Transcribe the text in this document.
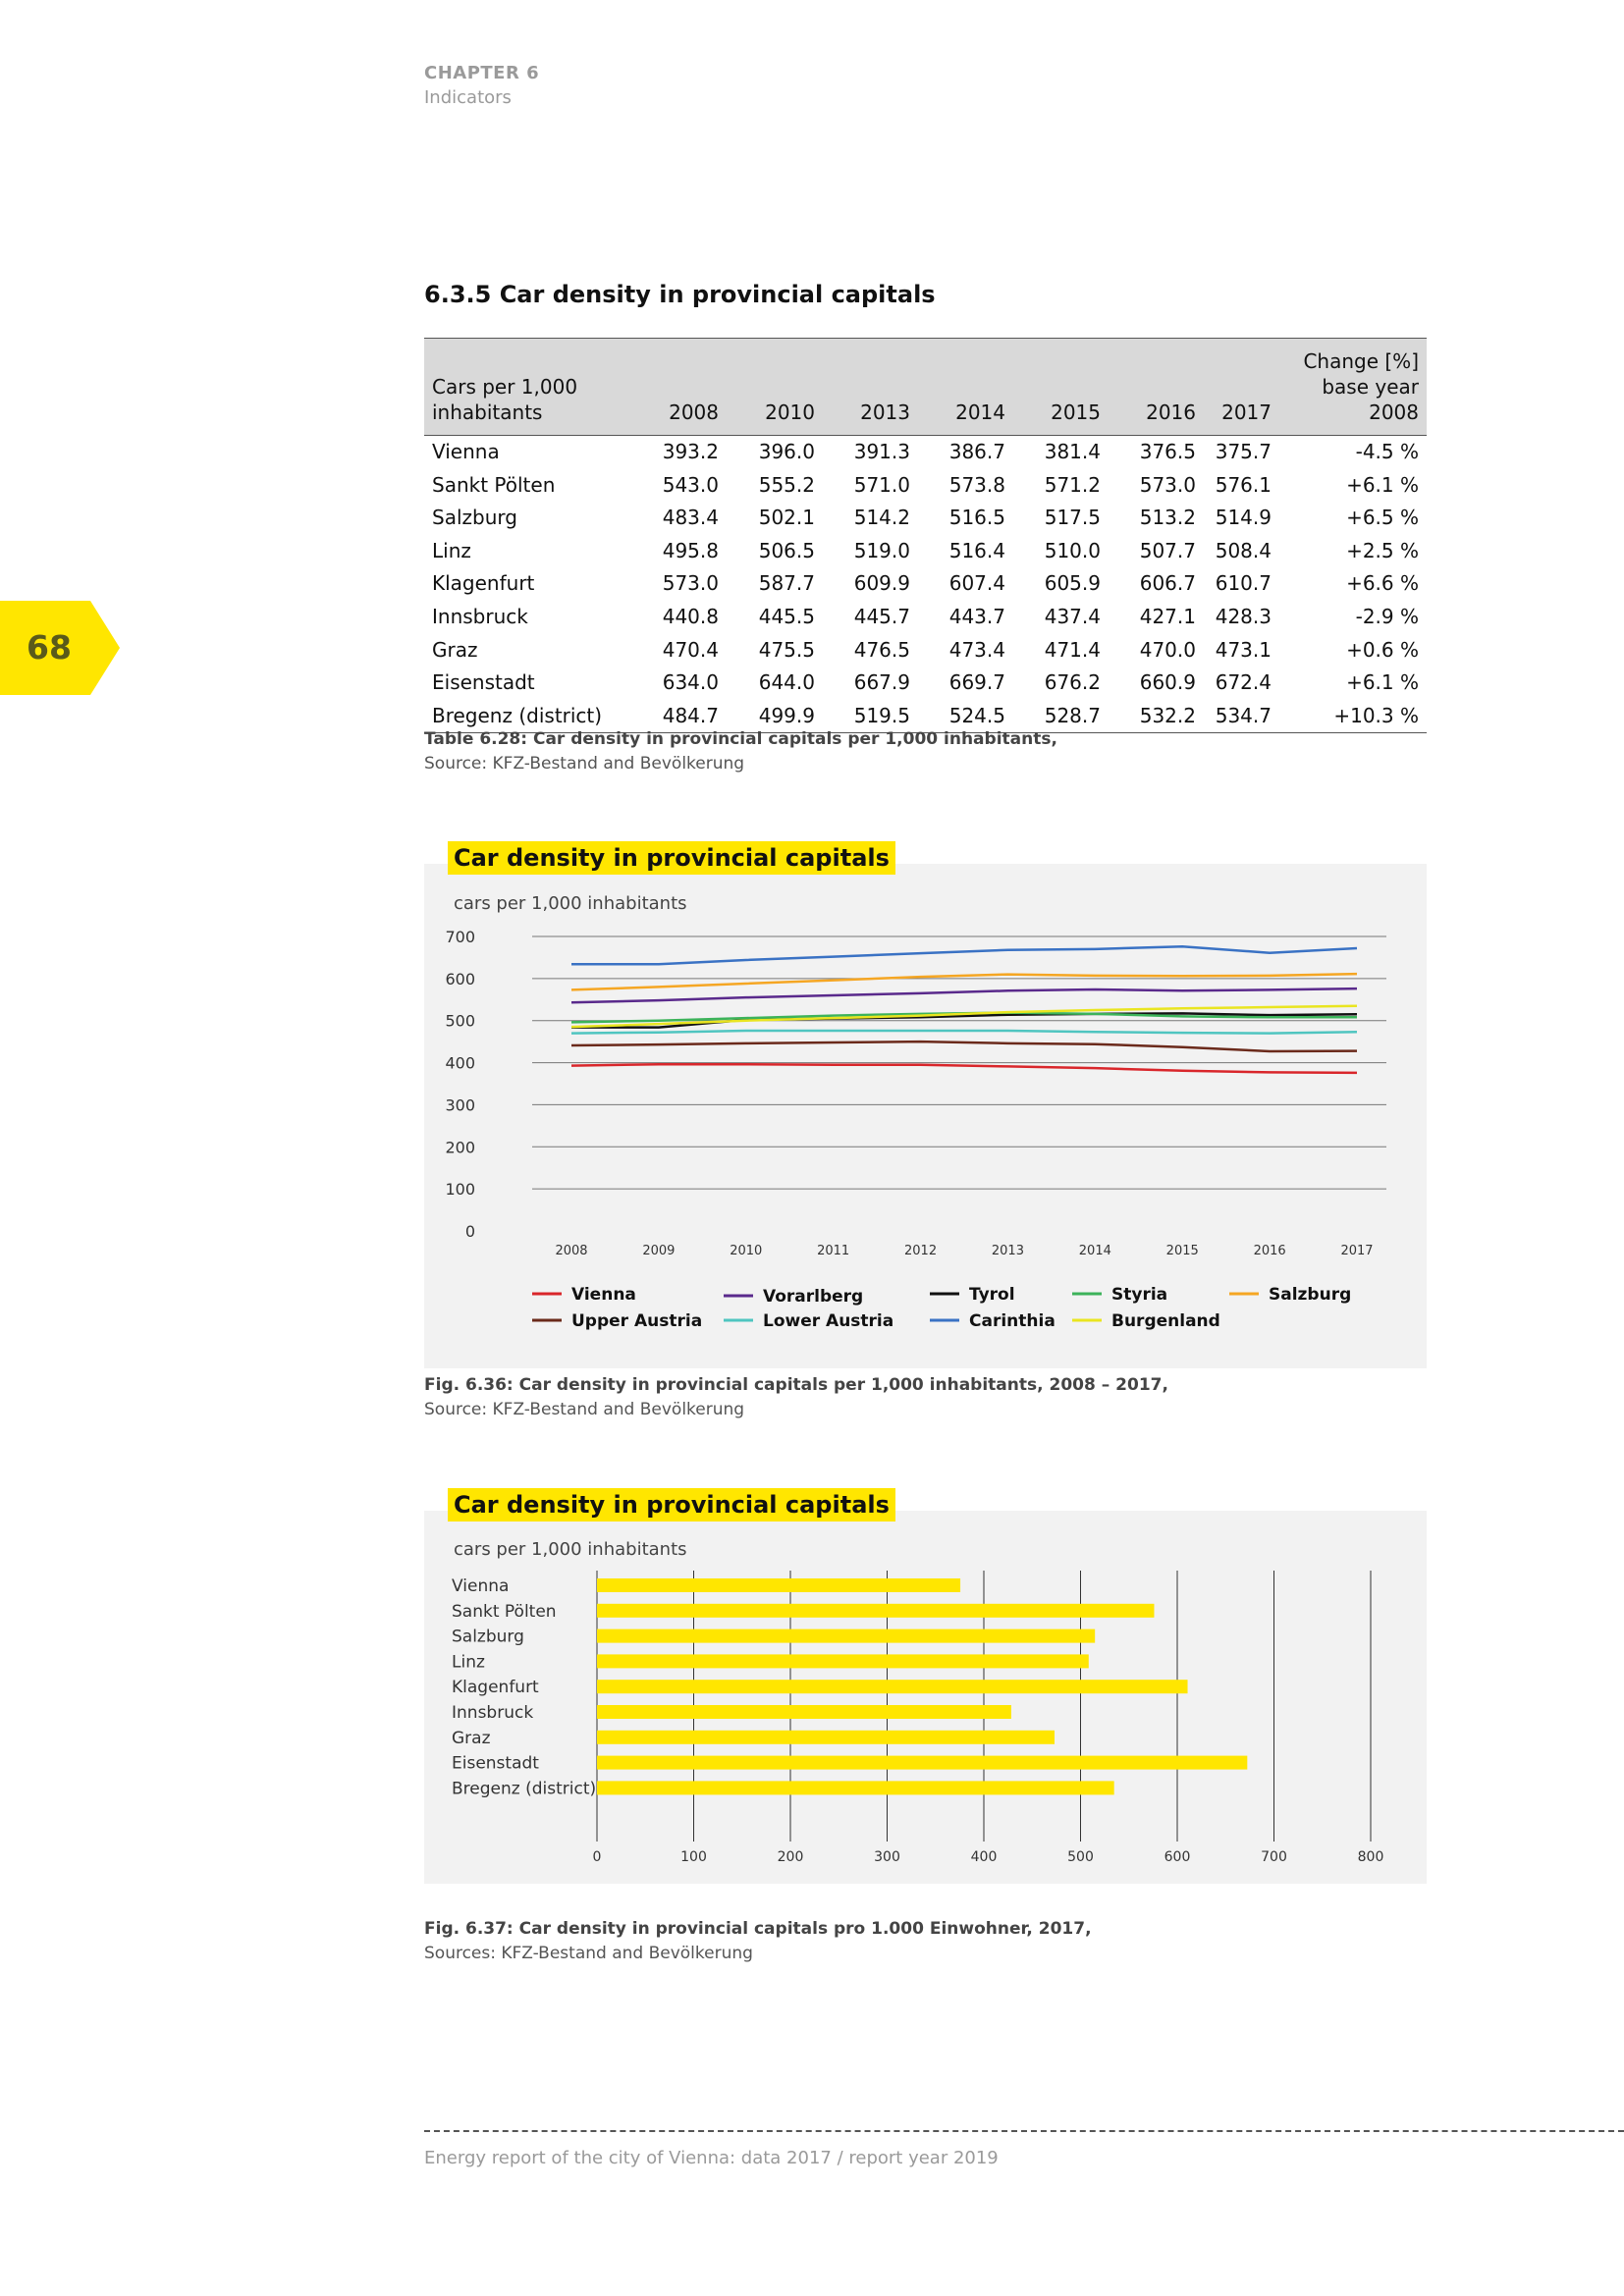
CHAPTER 6
Indicators
68
6.3.5 Car density in provincial capitals
Cars per 1,000
inhabitants	2008	2010	2013	2014	2015	2016	2017	Change [%]
base year 2008
Vienna	393.2	396.0	391.3	386.7	381.4	376.5	375.7	-4.5 %
Sankt Pölten	543.0	555.2	571.0	573.8	571.2	573.0	576.1	+6.1 %
Salzburg	483.4	502.1	514.2	516.5	517.5	513.2	514.9	+6.5 %
Linz	495.8	506.5	519.0	516.4	510.0	507.7	508.4	+2.5 %
Klagenfurt	573.0	587.7	609.9	607.4	605.9	606.7	610.7	+6.6 %
Innsbruck	440.8	445.5	445.7	443.7	437.4	427.1	428.3	-2.9 %
Graz	470.4	475.5	476.5	473.4	471.4	470.0	473.1	+0.6 %
Eisenstadt	634.0	644.0	667.9	669.7	676.2	660.9	672.4	+6.1 %
Bregenz (district)	484.7	499.9	519.5	524.5	528.7	532.2	534.7	+10.3 %
Table 6.28: Car density in provincial capitals per 1,000 inhabitants,
Source: KFZ-Bestand and Bevölkerung
Car density in provincial capitals
cars per 1,000 inhabitants
0
100
200
300
400
500
600
700
2008	2009	2010	2011	2012	2013	2014	2015	2016	2017
Vienna
Upper Austria
Vorarlberg
Lower Austria
Tyrol
Carinthia
Styria
Burgenland
Salzburg
Fig. 6.36: Car density in provincial capitals per 1,000 inhabitants, 2008 – 2017,
Source: KFZ-Bestand and Bevölkerung
Car density in provincial capitals
cars per 1,000 inhabitants
0	100	200	300	400	500	600	700	800
Vienna
Sankt Pölten
Salzburg
Linz
Klagenfurt
Innsbruck
Graz
Eisenstadt
Bregenz (district)
Fig. 6.37: Car density in provincial capitals pro 1.000 Einwohner, 2017,
Sources: KFZ-Bestand and Bevölkerung
Energy report of the city of Vienna: data 2017 / report year 2019
